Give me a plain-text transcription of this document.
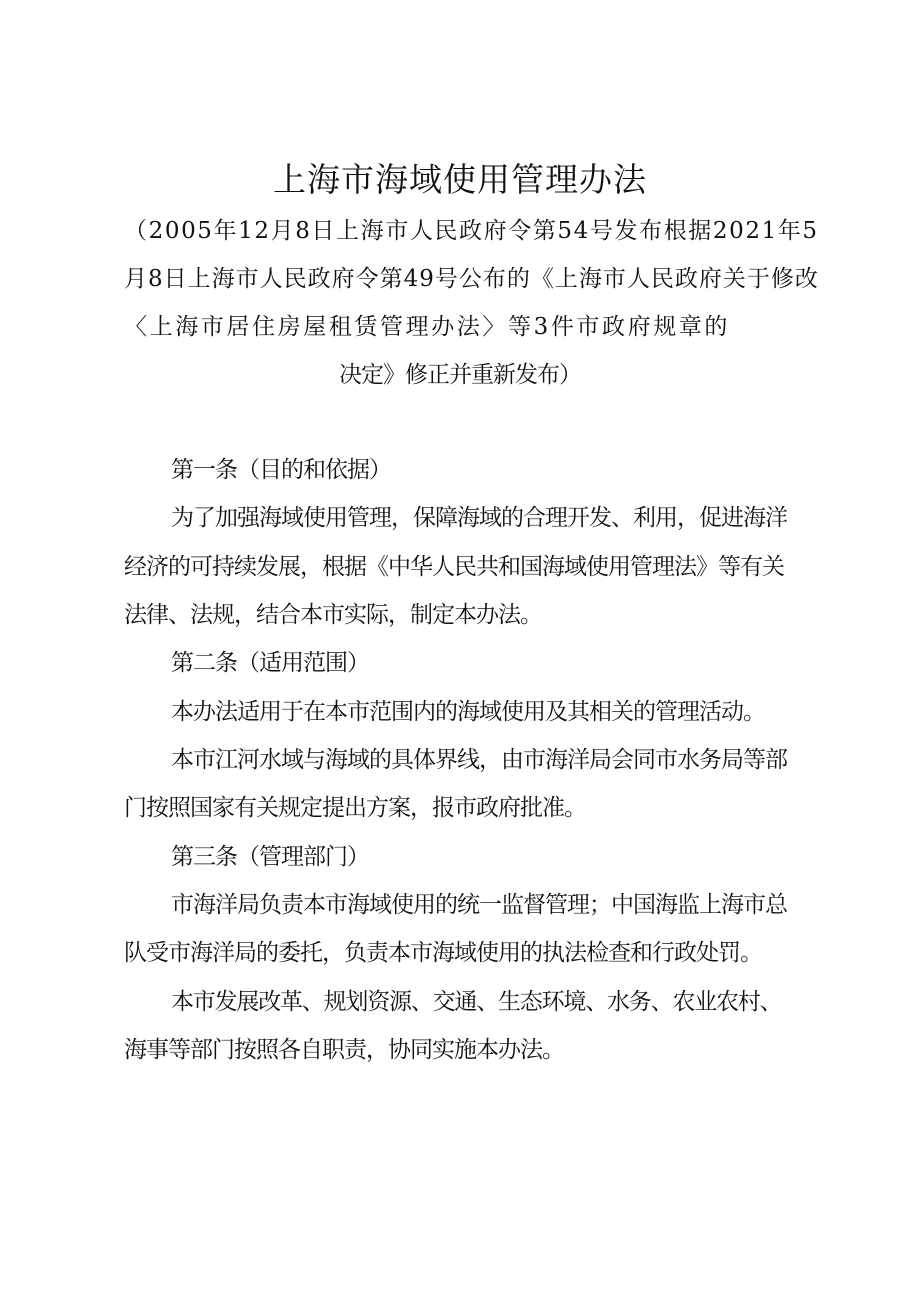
上海市海域使用管理办法
（2005年12月8日上海市人民政府令第54号发布根据2021年5
月8日上海市人民政府令第49号公布的《上海市人民政府关于修改
〈上海市居住房屋租赁管理办法〉等3件市政府规章的
决定》修正并重新发布）
第一条（目的和依据）
为了加强海域使用管理，保障海域的合理开发、利用，促进海洋
经济的可持续发展，根据《中华人民共和国海域使用管理法》等有关
法律、法规，结合本市实际，制定本办法。
第二条（适用范围）
本办法适用于在本市范围内的海域使用及其相关的管理活动。
本市江河水域与海域的具体界线，由市海洋局会同市水务局等部
门按照国家有关规定提出方案，报市政府批准。
第三条（管理部门）
市海洋局负责本市海域使用的统一监督管理；中国海监上海市总
队受市海洋局的委托，负责本市海域使用的执法检查和行政处罚。
本市发展改革、规划资源、交通、生态环境、水务、农业农村、
海事等部门按照各自职责，协同实施本办法。
